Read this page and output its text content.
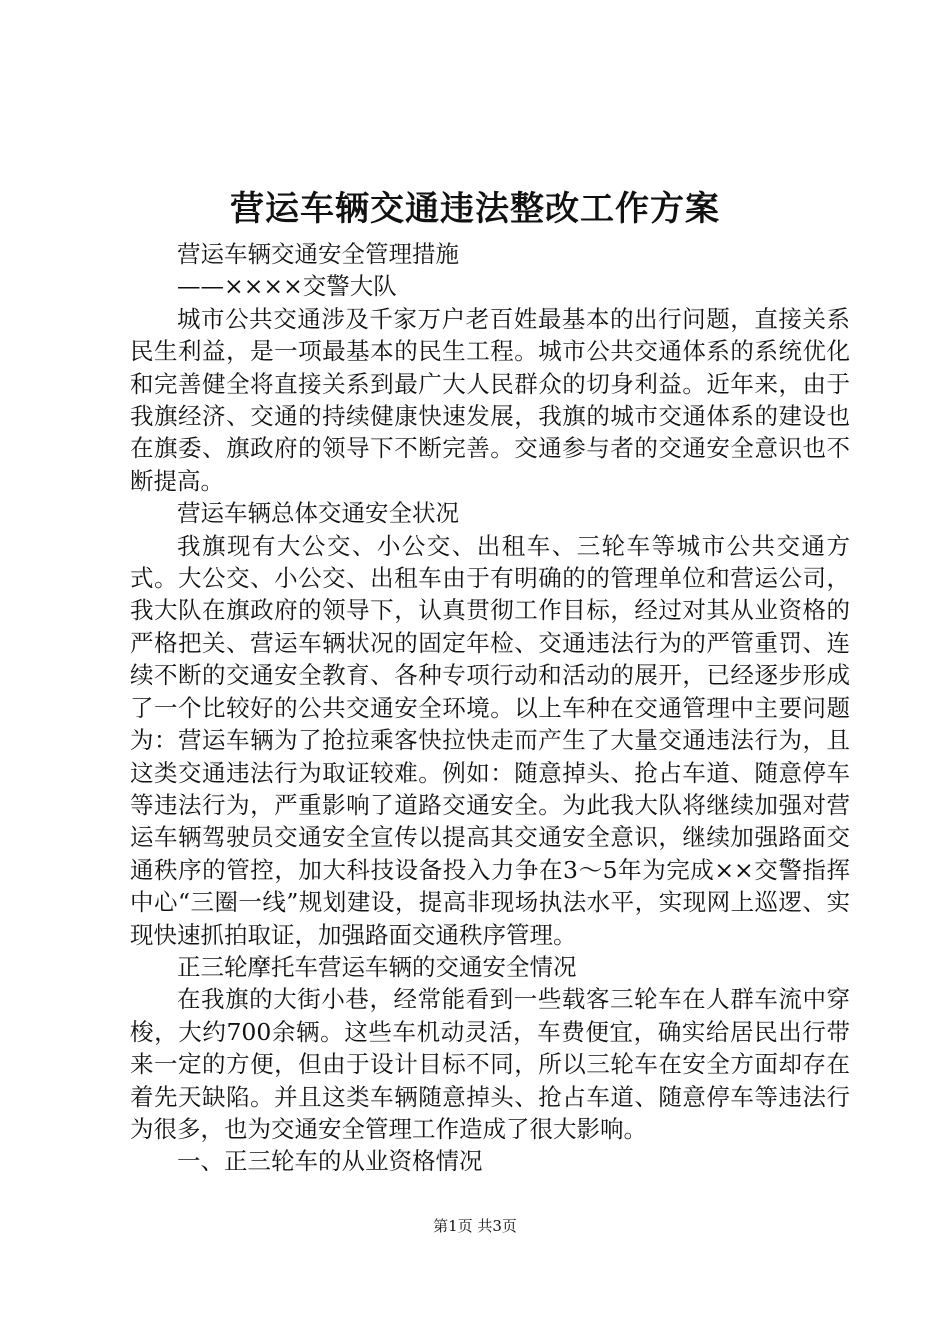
营运车辆交通违法整改工作方案

营运车辆交通安全管理措施

——××××交警大队

城市公共交通涉及千家万户老百姓最基本的出行问题，直接关系民生利益，是一项最基本的民生工程。城市公共交通体系的系统优化和完善健全将直接关系到最广大人民群众的切身利益。近年来，由于我旗经济、交通的持续健康快速发展，我旗的城市交通体系的建设也在旗委、旗政府的领导下不断完善。交通参与者的交通安全意识也不断提高。

营运车辆总体交通安全状况

我旗现有大公交、小公交、出租车、三轮车等城市公共交通方式。大公交、小公交、出租车由于有明确的的管理单位和营运公司，我大队在旗政府的领导下，认真贯彻工作目标，经过对其从业资格的严格把关、营运车辆状况的固定年检、交通违法行为的严管重罚、连续不断的交通安全教育、各种专项行动和活动的展开，已经逐步形成了一个比较好的公共交通安全环境。以上车种在交通管理中主要问题为：营运车辆为了抢拉乘客快拉快走而产生了大量交通违法行为，且这类交通违法行为取证较难。例如：随意掉头、抢占车道、随意停车等违法行为，严重影响了道路交通安全。为此我大队将继续加强对营运车辆驾驶员交通安全宣传以提高其交通安全意识，继续加强路面交通秩序的管控，加大科技设备投入力争在3～5年为完成××交警指挥中心“三圈一线”规划建设，提高非现场执法水平，实现网上巡逻、实现快速抓拍取证，加强路面交通秩序管理。

正三轮摩托车营运车辆的交通安全情况

在我旗的大街小巷，经常能看到一些载客三轮车在人群车流中穿梭，大约700余辆。这些车机动灵活，车费便宜，确实给居民出行带来一定的方便，但由于设计目标不同，所以三轮车在安全方面却存在着先天缺陷。并且这类车辆随意掉头、抢占车道、随意停车等违法行为很多，也为交通安全管理工作造成了很大影响。

一、正三轮车的从业资格情况

第1页 共3页
